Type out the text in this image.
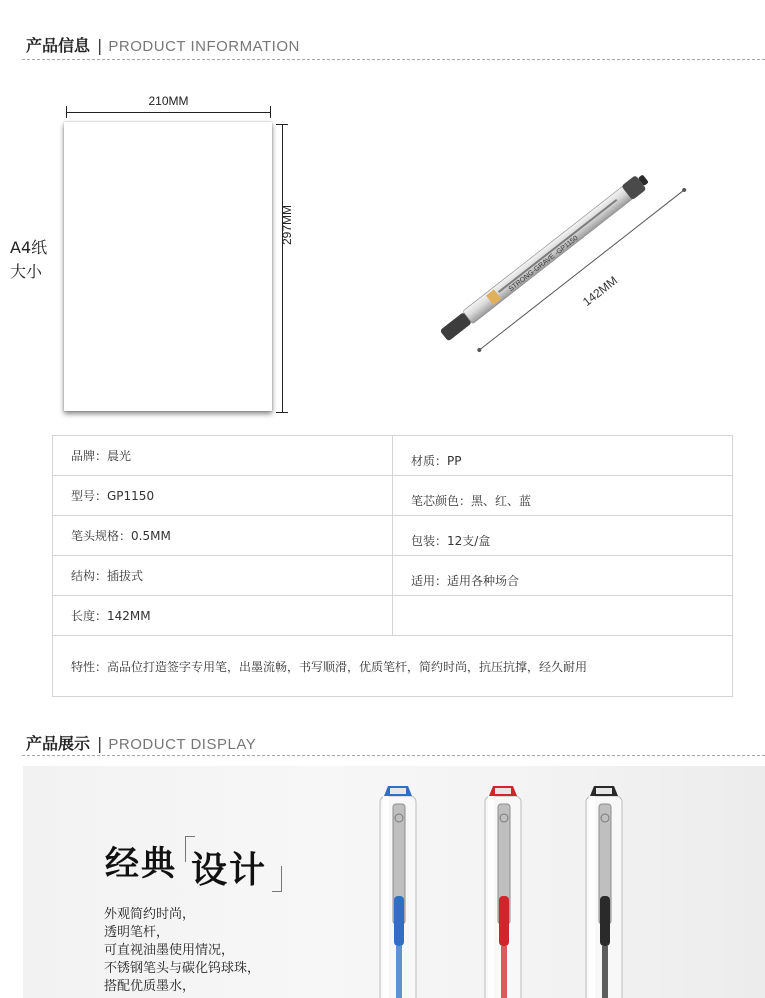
产品信息 | PRODUCT INFORMATION
210MM
297MM
A4纸
大小	STRONG-GRAVE ·GP1150 142MM
品牌：晨光	材质：PP
型号：GP1150	笔芯颜色：黑、红、蓝
笔头规格：0.5MM	包装：12支/盒
结构：插拔式	适用：适用各种场合
长度：142MM
特性：高品位打造签字专用笔，出墨流畅，书写顺滑，优质笔杆，简约时尚，抗压抗撑，经久耐用
产品展示 | PRODUCT DISPLAY
经典 设计
外观简约时尚，
透明笔杆，
可直视油墨使用情况，
不锈钢笔头与碳化钨球珠，
搭配优质墨水，
